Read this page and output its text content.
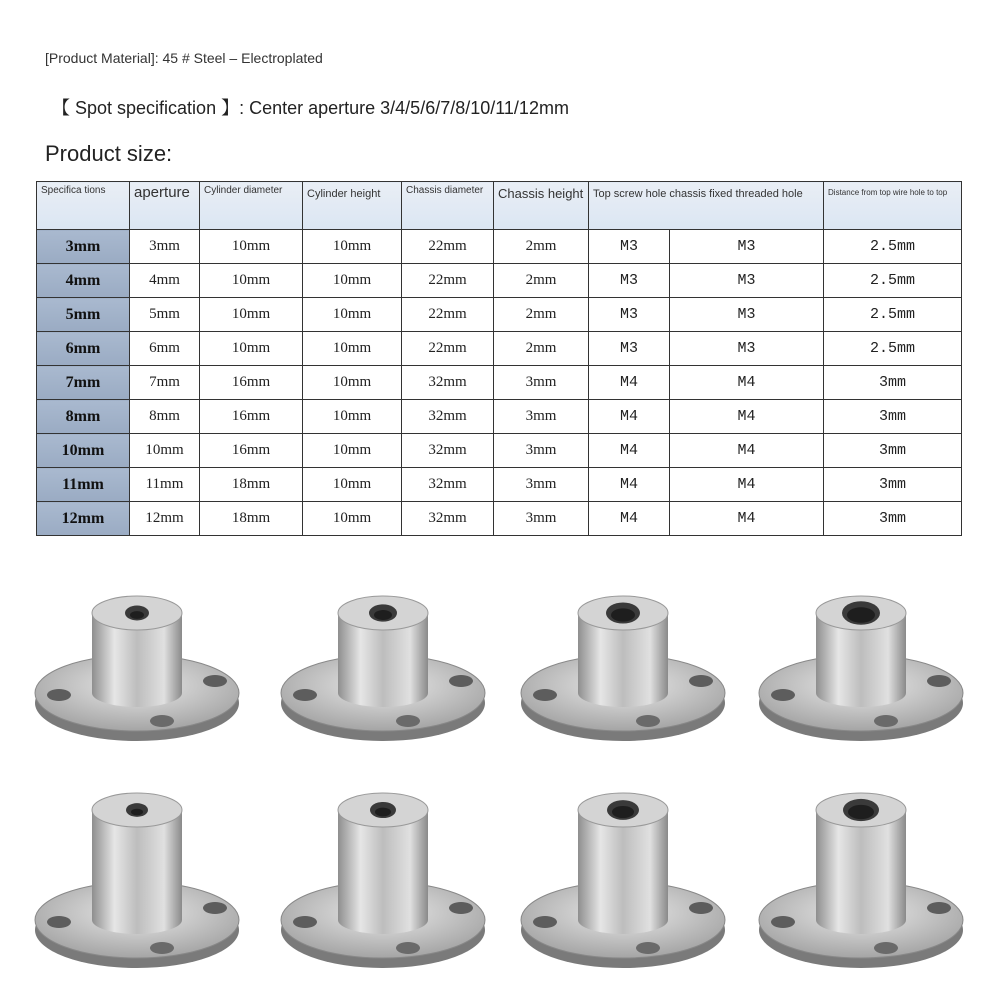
[Product Material]: 45 # Steel – Electroplated
【 Spot specification 】: Center aperture 3/4/5/6/7/8/10/11/12mm
Product size:
Specifica tions	aperture	Cylinder diameter	Cylinder height	Chassis diameter	Chassis height	Top screw hole chassis fixed threaded hole		Distance from top wire hole to top
3mm	3mm	10mm	10mm	22mm	2mm	M3	M3	2.5mm
4mm	4mm	10mm	10mm	22mm	2mm	M3	M3	2.5mm
5mm	5mm	10mm	10mm	22mm	2mm	M3	M3	2.5mm
6mm	6mm	10mm	10mm	22mm	2mm	M3	M3	2.5mm
7mm	7mm	16mm	10mm	32mm	3mm	M4	M4	3mm
8mm	8mm	16mm	10mm	32mm	3mm	M4	M4	3mm
10mm	10mm	16mm	10mm	32mm	3mm	M4	M4	3mm
11mm	11mm	18mm	10mm	32mm	3mm	M4	M4	3mm
12mm	12mm	18mm	10mm	32mm	3mm	M4	M4	3mm
